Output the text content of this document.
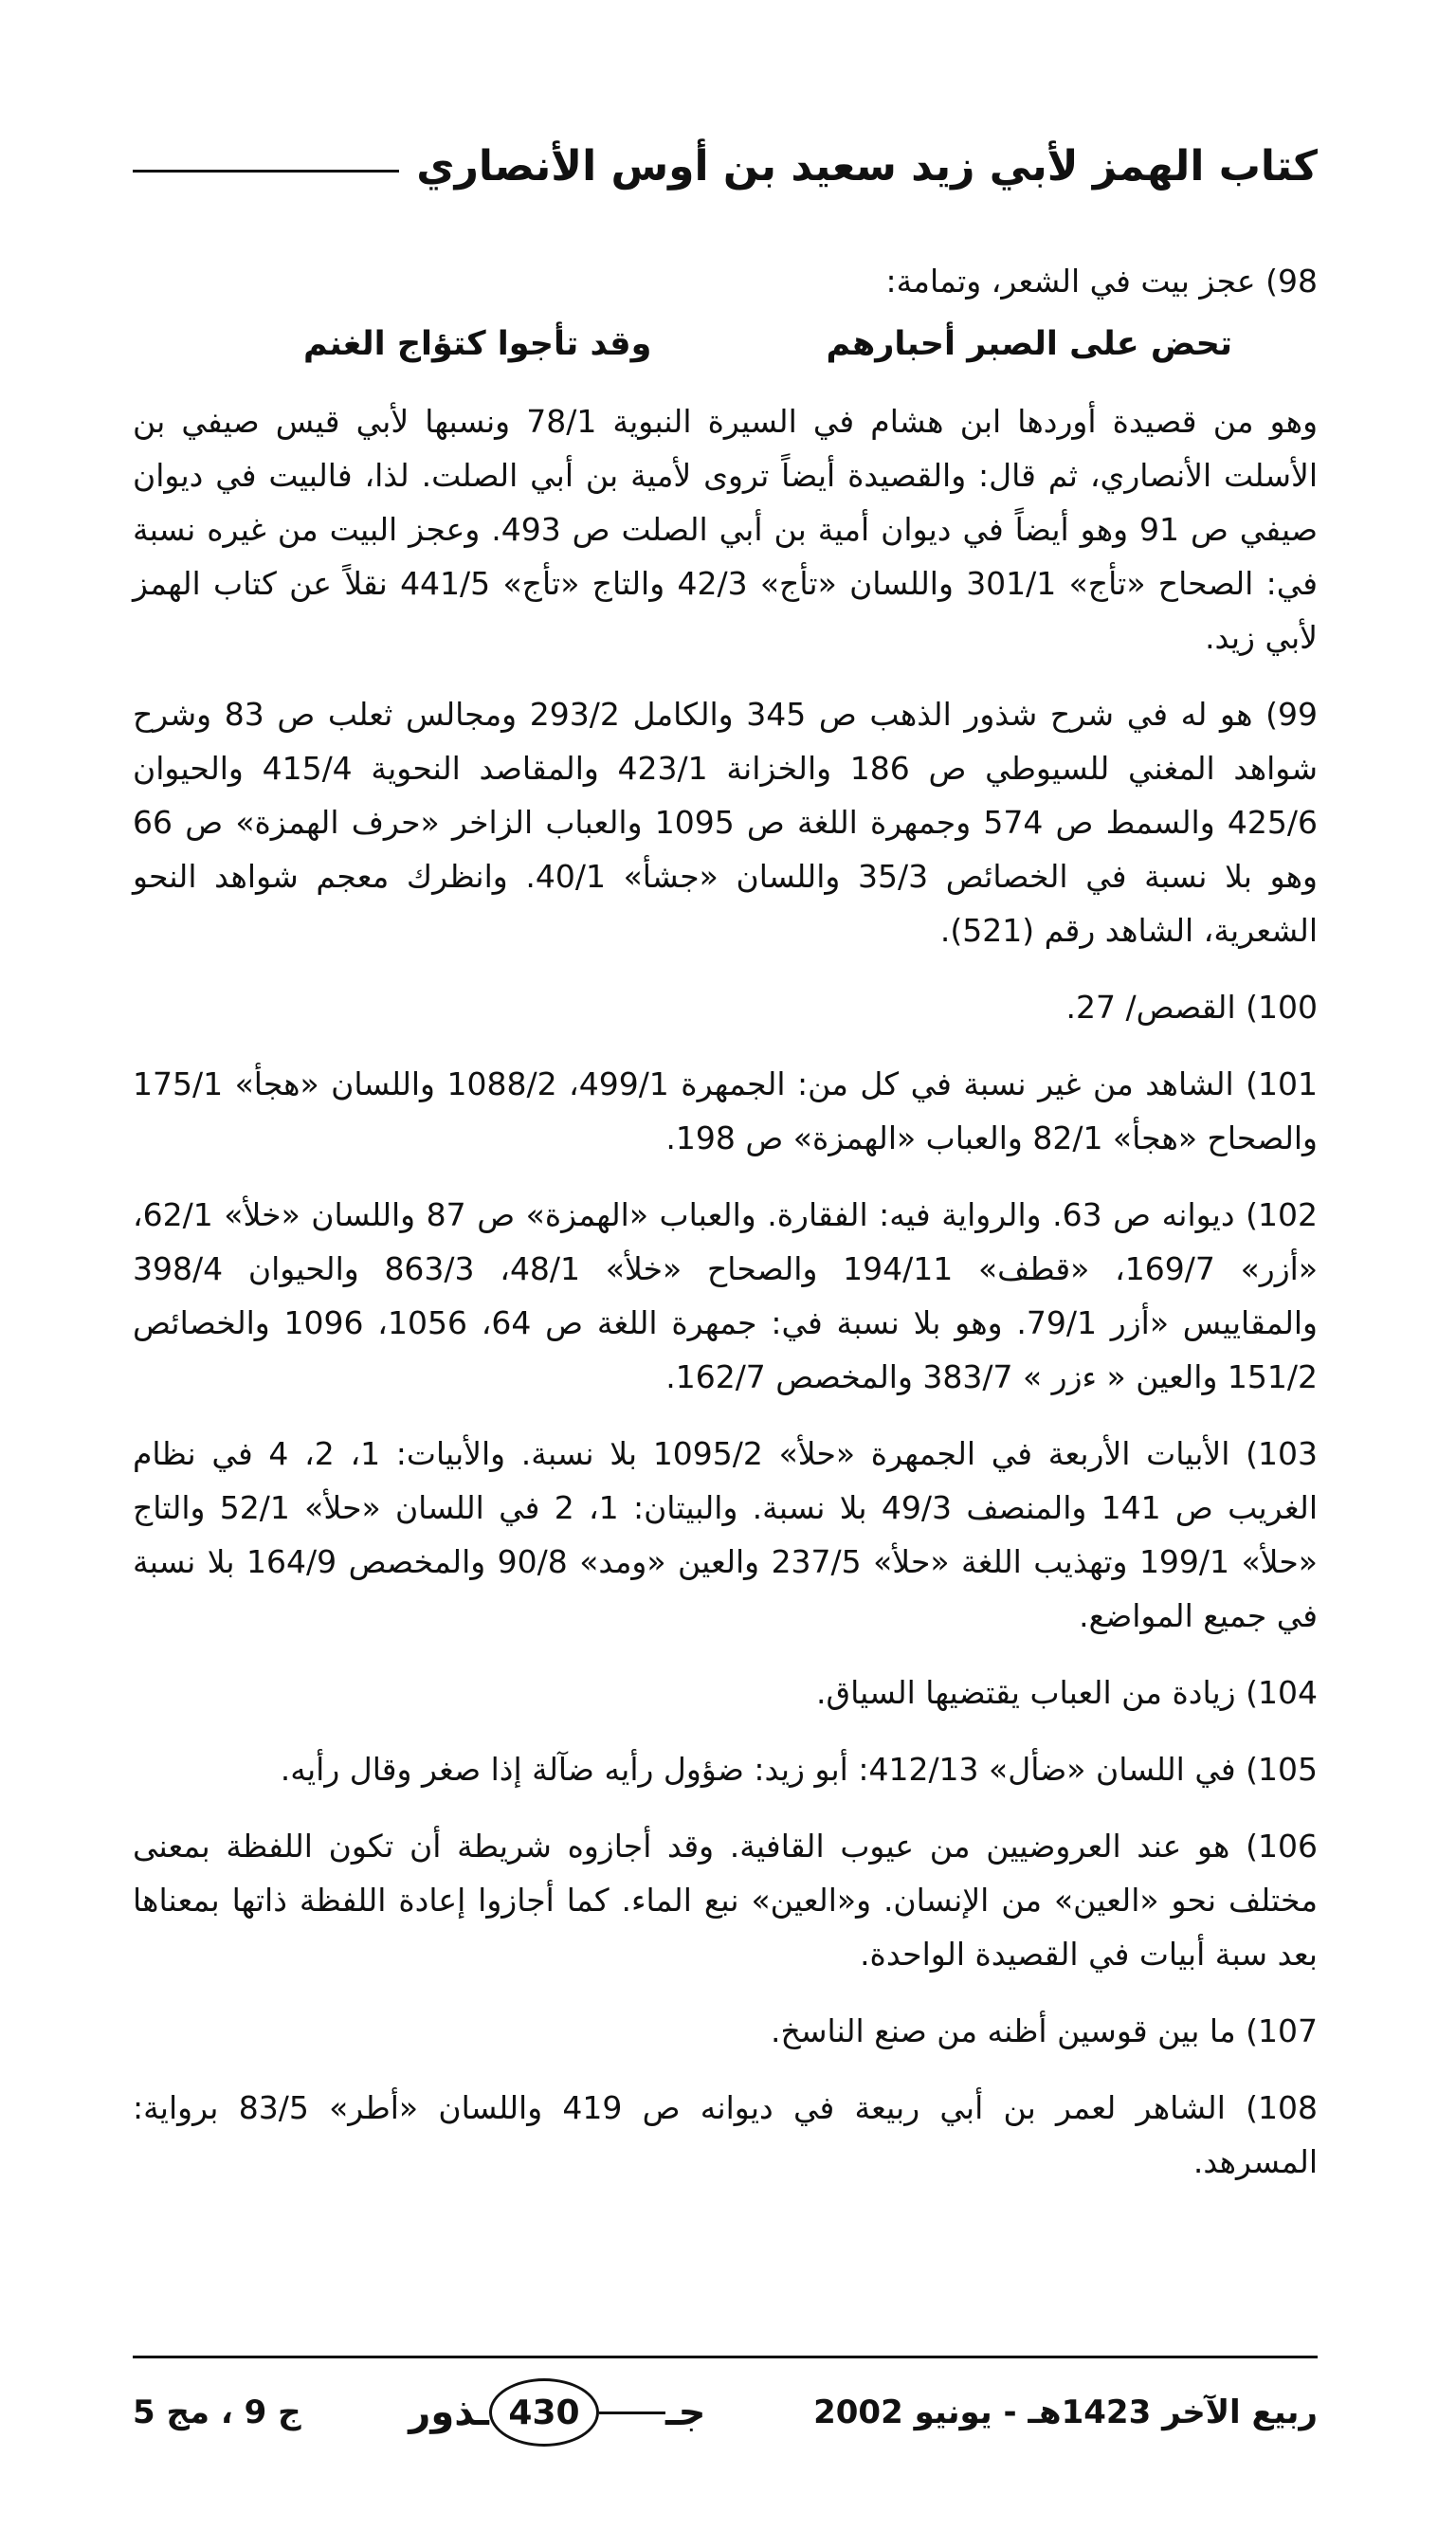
كتاب الهمز لأبي زيد سعيد بن أوس الأنصاري

98) عجز بيت في الشعر، وتمامة:

تحض على الصبر أحبارهم
وقد تأجوا كتؤاج الغنم

وهو من قصيدة أوردها ابن هشام في السيرة النبوية 78/1 ونسبها لأبي قيس صيفي بن الأسلت الأنصاري، ثم قال: والقصيدة أيضاً تروى لأمية بن أبي الصلت. لذا، فالبيت في ديوان صيفي ص 91 وهو أيضاً في ديوان أمية بن أبي الصلت ص 493. وعجز البيت من غيره نسبة في: الصحاح «تأج» 301/1 واللسان «تأج» 42/3 والتاج «تأج» 441/5 نقلاً عن كتاب الهمز لأبي زيد.

99) هو له في شرح شذور الذهب ص 345 والكامل 293/2 ومجالس ثعلب ص 83 وشرح شواهد المغني للسيوطي ص 186 والخزانة 423/1 والمقاصد النحوية 415/4 والحيوان 425/6 والسمط ص 574 وجمهرة اللغة ص 1095 والعباب الزاخر «حرف الهمزة» ص 66 وهو بلا نسبة في الخصائص 35/3 واللسان «جشأ» 40/1. وانظرك معجم شواهد النحو الشعرية، الشاهد رقم (521).

100) القصص/ 27.

101) الشاهد من غير نسبة في كل من: الجمهرة 499/1، 1088/2 واللسان «هجأ» 175/1 والصحاح «هجأ» 82/1 والعباب «الهمزة» ص 198.

102) ديوانه ص 63. والرواية فيه: الفقارة. والعباب «الهمزة» ص 87 واللسان «خلأ» 62/1، «أزر» 169/7، «قطف» 194/11 والصحاح «خلأ» 48/1، 863/3 والحيوان 398/4 والمقاييس «أزر 79/1. وهو بلا نسبة في: جمهرة اللغة ص 64، 1056، 1096 والخصائص 151/2 والعين « ءزر » 383/7 والمخصص 162/7.

103) الأبيات الأربعة في الجمهرة «حلأ» 1095/2 بلا نسبة. والأبيات: 1، 2، 4 في نظام الغريب ص 141 والمنصف 49/3 بلا نسبة. والبيتان: 1، 2 في اللسان «حلأ» 52/1 والتاج «حلأ» 199/1 وتهذيب اللغة «حلأ» 237/5 والعين «ومد» 90/8 والمخصص 164/9 بلا نسبة في جميع المواضع.

104) زيادة من العباب يقتضيها السياق.

105) في اللسان «ضأل» 412/13: أبو زيد: ضؤول رأيه ضآلة إذا صغر وقال رأيه.

106) هو عند العروضيين من عيوب القافية. وقد أجازوه شريطة أن تكون اللفظة بمعنى مختلف نحو «العين» من الإنسان. و«العين» نبع الماء. كما أجازوا إعادة اللفظة ذاتها بمعناها بعد سبة أبيات في القصيدة الواحدة.

107) ما بين قوسين أظنه من صنع الناسخ.

108) الشاهر لعمر بن أبي ربيعة في ديوانه ص 419 واللسان «أطر» 83/5 برواية: المسرهد.

ج 9 ، مج 5	جـ
430
ـذور	ربيع الآخر 1423هـ - يونيو 2002
